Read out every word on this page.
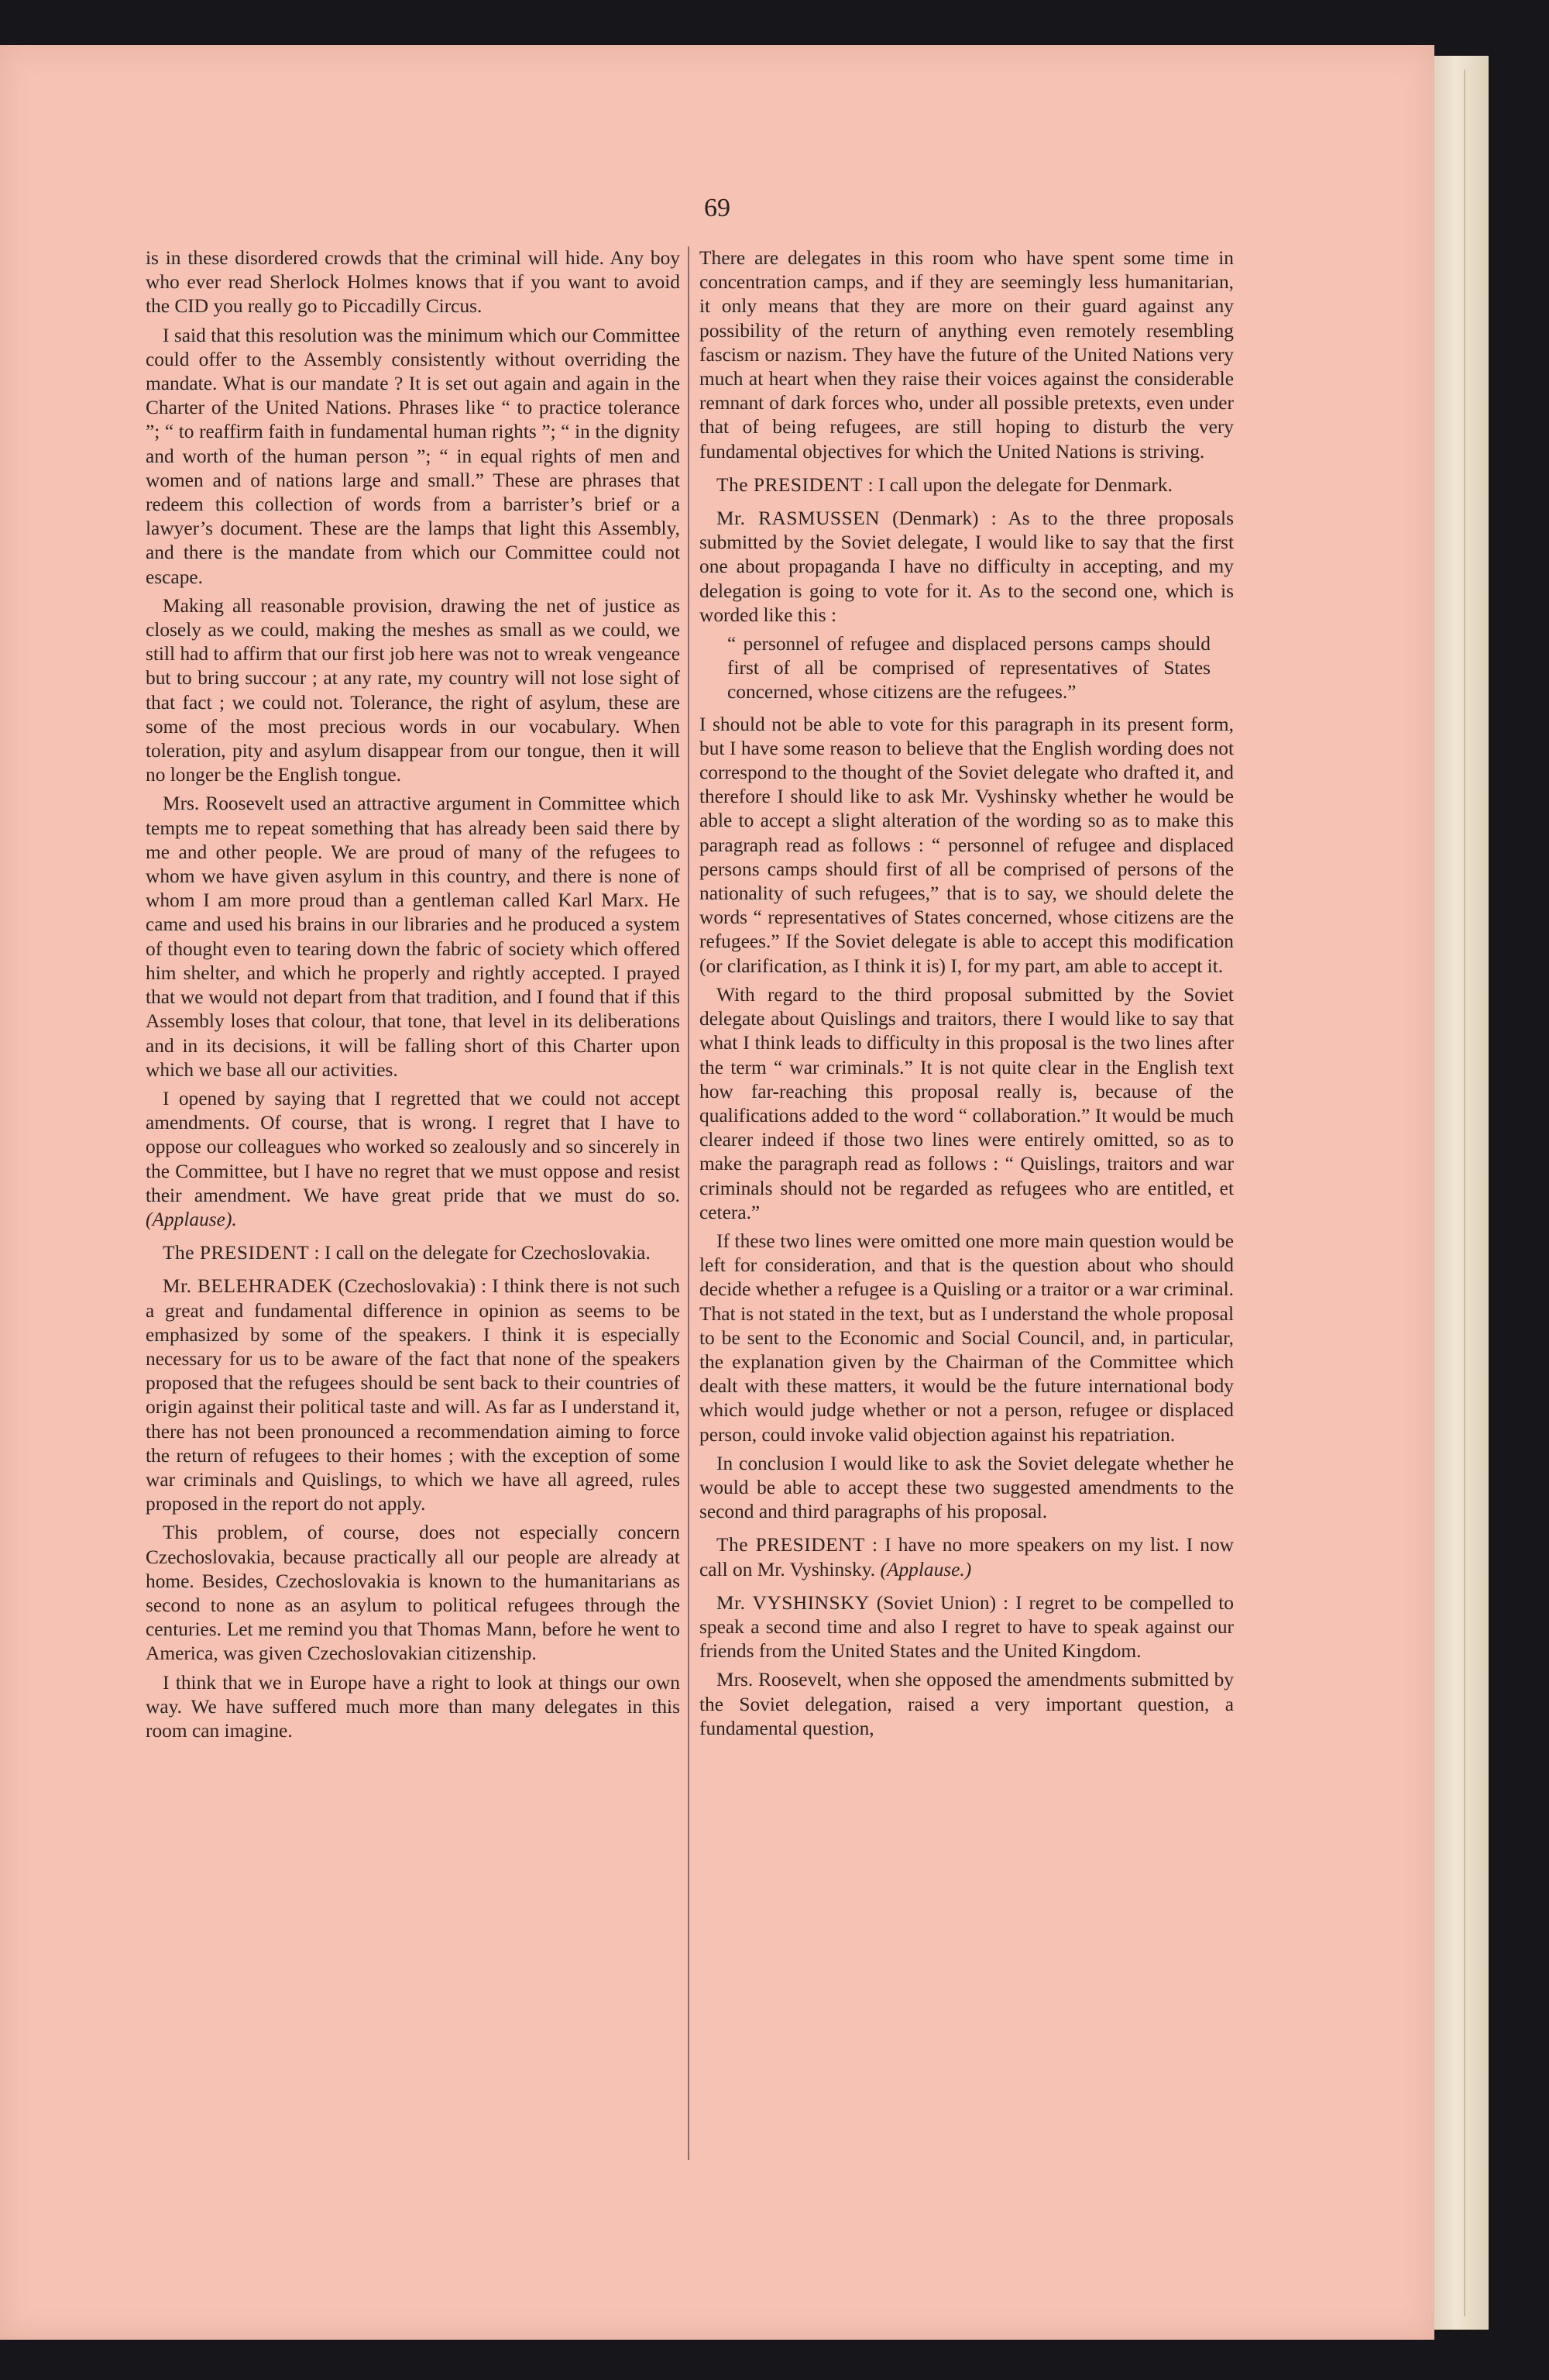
69

is in these disordered crowds that the criminal will hide. Any boy who ever read Sherlock Holmes knows that if you want to avoid the CID you really go to Piccadilly Circus.

I said that this resolution was the minimum which our Committee could offer to the Assembly consistently without overriding the mandate. What is our mandate ? It is set out again and again in the Charter of the United Nations. Phrases like “ to practice tolerance ”; “ to reaffirm faith in fundamental human rights ”; “ in the dignity and worth of the human person ”; “ in equal rights of men and women and of nations large and small.” These are phrases that redeem this collection of words from a barrister’s brief or a lawyer’s document. These are the lamps that light this Assembly, and there is the mandate from which our Committee could not escape.

Making all reasonable provision, drawing the net of justice as closely as we could, making the meshes as small as we could, we still had to affirm that our first job here was not to wreak vengeance but to bring succour ; at any rate, my country will not lose sight of that fact ; we could not. Tolerance, the right of asylum, these are some of the most precious words in our vocabulary. When toleration, pity and asylum disappear from our tongue, then it will no longer be the English tongue.

Mrs. Roosevelt used an attractive argument in Committee which tempts me to repeat something that has already been said there by me and other people. We are proud of many of the refugees to whom we have given asylum in this country, and there is none of whom I am more proud than a gentleman called Karl Marx. He came and used his brains in our libraries and he produced a system of thought even to tearing down the fabric of society which offered him shelter, and which he properly and rightly accepted. I prayed that we would not depart from that tradition, and I found that if this Assembly loses that colour, that tone, that level in its deliberations and in its decisions, it will be falling short of this Charter upon which we base all our activities.

I opened by saying that I regretted that we could not accept amendments. Of course, that is wrong. I regret that I have to oppose our colleagues who worked so zealously and so sincerely in the Committee, but I have no regret that we must oppose and resist their amendment. We have great pride that we must do so. (Applause).

The PRESIDENT : I call on the delegate for Czechoslovakia.

Mr. BELEHRADEK (Czechoslovakia) : I think there is not such a great and fundamental difference in opinion as seems to be emphasized by some of the speakers. I think it is especially necessary for us to be aware of the fact that none of the speakers proposed that the refugees should be sent back to their countries of origin against their political taste and will. As far as I understand it, there has not been pronounced a recommendation aiming to force the return of refugees to their homes ; with the exception of some war criminals and Quislings, to which we have all agreed, rules proposed in the report do not apply.

This problem, of course, does not especially concern Czechoslovakia, because practically all our people are already at home. Besides, Czechoslovakia is known to the humanitarians as second to none as an asylum to political refugees through the centuries. Let me remind you that Thomas Mann, before he went to America, was given Czechoslovakian citizenship.

I think that we in Europe have a right to look at things our own way. We have suffered much more than many delegates in this room can imagine.

There are delegates in this room who have spent some time in concentration camps, and if they are seemingly less humanitarian, it only means that they are more on their guard against any possibility of the return of anything even remotely resembling fascism or nazism. They have the future of the United Nations very much at heart when they raise their voices against the considerable remnant of dark forces who, under all possible pretexts, even under that of being refugees, are still hoping to disturb the very fundamental objectives for which the United Nations is striving.

The PRESIDENT : I call upon the delegate for Denmark.

Mr. RASMUSSEN (Denmark) : As to the three proposals submitted by the Soviet delegate, I would like to say that the first one about propaganda I have no difficulty in accepting, and my delegation is going to vote for it. As to the second one, which is worded like this :

“ personnel of refugee and displaced persons camps should first of all be comprised of representatives of States concerned, whose citizens are the refugees.”

I should not be able to vote for this paragraph in its present form, but I have some reason to believe that the English wording does not correspond to the thought of the Soviet delegate who drafted it, and therefore I should like to ask Mr. Vyshinsky whether he would be able to accept a slight alteration of the wording so as to make this paragraph read as follows : “ personnel of refugee and displaced persons camps should first of all be comprised of persons of the nationality of such refugees,” that is to say, we should delete the words “ representatives of States concerned, whose citizens are the refugees.” If the Soviet delegate is able to accept this modification (or clarification, as I think it is) I, for my part, am able to accept it.

With regard to the third proposal submitted by the Soviet delegate about Quislings and traitors, there I would like to say that what I think leads to difficulty in this proposal is the two lines after the term “ war criminals.” It is not quite clear in the English text how far-reaching this proposal really is, because of the qualifications added to the word “ collaboration.” It would be much clearer indeed if those two lines were entirely omitted, so as to make the paragraph read as follows : “ Quislings, traitors and war criminals should not be regarded as refugees who are entitled, et cetera.”

If these two lines were omitted one more main question would be left for consideration, and that is the question about who should decide whether a refugee is a Quisling or a traitor or a war criminal. That is not stated in the text, but as I understand the whole proposal to be sent to the Economic and Social Council, and, in particular, the explanation given by the Chairman of the Committee which dealt with these matters, it would be the future international body which would judge whether or not a person, refugee or displaced person, could invoke valid objection against his repatriation.

In conclusion I would like to ask the Soviet delegate whether he would be able to accept these two suggested amendments to the second and third paragraphs of his proposal.

The PRESIDENT : I have no more speakers on my list. I now call on Mr. Vyshinsky. (Applause.)

Mr. VYSHINSKY (Soviet Union) : I regret to be compelled to speak a second time and also I regret to have to speak against our friends from the United States and the United Kingdom.

Mrs. Roosevelt, when she opposed the amendments submitted by the Soviet delegation, raised a very important question, a fundamental question,
